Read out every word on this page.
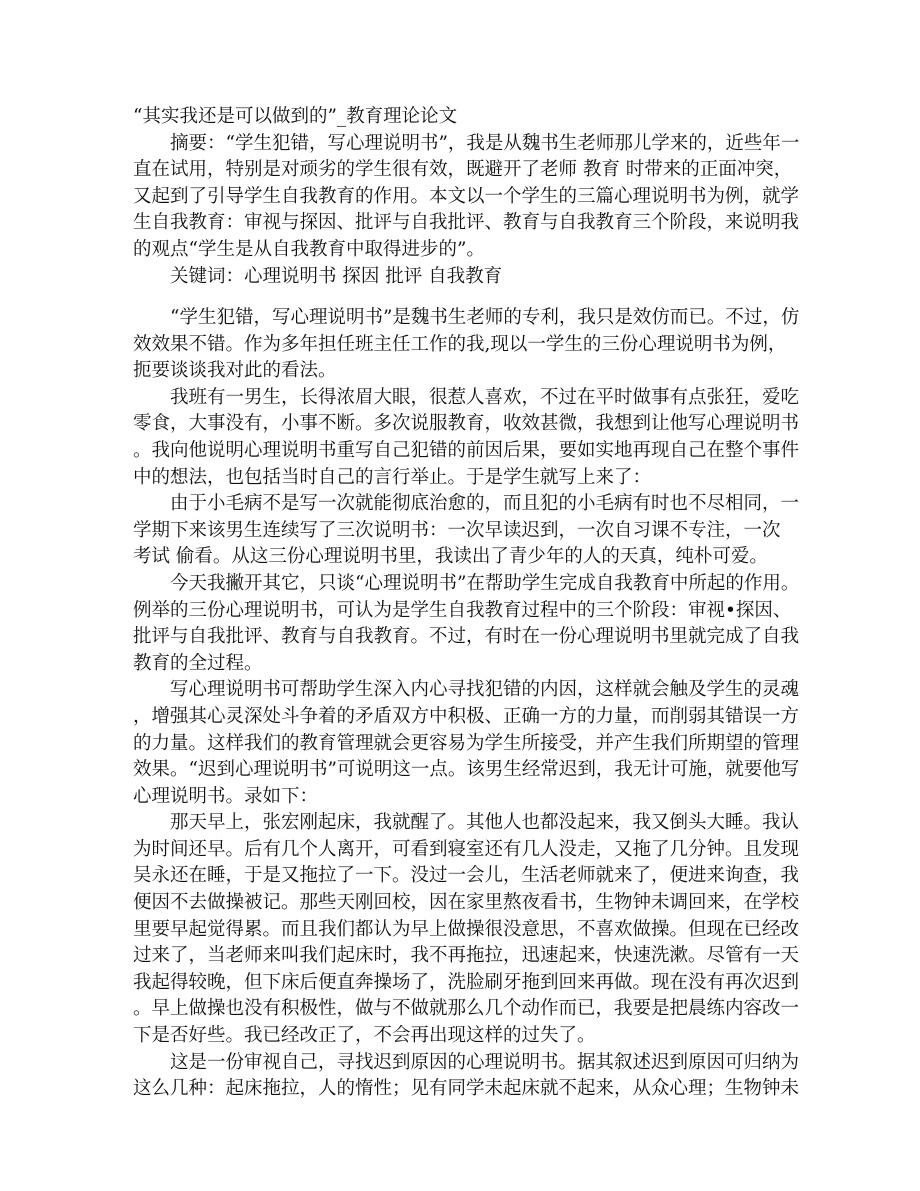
“其实我还是可以做到的”_教育理论论文
摘要：“学生犯错，写心理说明书”，我是从魏书生老师那儿学来的，近些年一
直在试用，特别是对顽劣的学生很有效，既避开了老师 教育 时带来的正面冲突，
又起到了引导学生自我教育的作用。本文以一个学生的三篇心理说明书为例，就学
生自我教育：审视与探因、批评与自我批评、教育与自我教育三个阶段，来说明我
的观点“学生是从自我教育中取得进步的”。
关键词：心理说明书 探因 批评 自我教育
“学生犯错，写心理说明书”是魏书生老师的专利，我只是效仿而已。不过，仿
效效果不错。作为多年担任班主任工作的我,现以一学生的三份心理说明书为例，
扼要谈谈我对此的看法。
我班有一男生，长得浓眉大眼，很惹人喜欢，不过在平时做事有点张狂，爱吃
零食，大事没有，小事不断。多次说服教育，收效甚微，我想到让他写心理说明书
。我向他说明心理说明书重写自己犯错的前因后果，要如实地再现自己在整个事件
中的想法，也包括当时自己的言行举止。于是学生就写上来了：
由于小毛病不是写一次就能彻底治愈的，而且犯的小毛病有时也不尽相同，一
学期下来该男生连续写了三次说明书：一次早读迟到，一次自习课不专注，一次
考试 偷看。从这三份心理说明书里，我读出了青少年的人的天真，纯朴可爱。
今天我撇开其它，只谈“心理说明书”在帮助学生完成自我教育中所起的作用。
例举的三份心理说明书，可认为是学生自我教育过程中的三个阶段：审视•探因、
批评与自我批评、教育与自我教育。不过，有时在一份心理说明书里就完成了自我
教育的全过程。
写心理说明书可帮助学生深入内心寻找犯错的内因，这样就会触及学生的灵魂
，增强其心灵深处斗争着的矛盾双方中积极、正确一方的力量，而削弱其错误一方
的力量。这样我们的教育管理就会更容易为学生所接受，并产生我们所期望的管理
效果。“迟到心理说明书”可说明这一点。该男生经常迟到，我无计可施，就要他写
心理说明书。录如下：
那天早上，张宏刚起床，我就醒了。其他人也都没起来，我又倒头大睡。我认
为时间还早。后有几个人离开，可看到寝室还有几人没走，又拖了几分钟。且发现
吴永还在睡，于是又拖拉了一下。没过一会儿，生活老师就来了，便进来询查，我
便因不去做操被记。那些天刚回校，因在家里熬夜看书，生物钟未调回来，在学校
里要早起觉得累。而且我们都认为早上做操很没意思，不喜欢做操。但现在已经改
过来了，当老师来叫我们起床时，我不再拖拉，迅速起来，快速洗漱。尽管有一天
我起得较晚，但下床后便直奔操场了，洗脸刷牙拖到回来再做。现在没有再次迟到
。早上做操也没有积极性，做与不做就那么几个动作而已，我要是把晨练内容改一
下是否好些。我已经改正了，不会再出现这样的过失了。
这是一份审视自己，寻找迟到原因的心理说明书。据其叙述迟到原因可归纳为
这么几种：起床拖拉，人的惰性；见有同学未起床就不起来，从众心理；生物钟未
